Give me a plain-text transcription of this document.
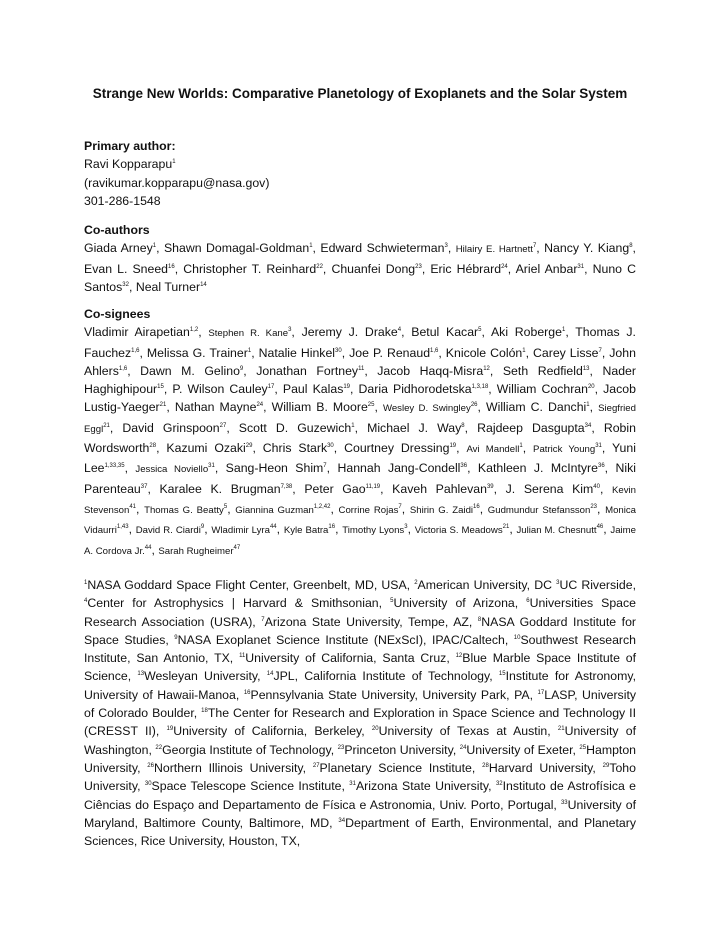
Strange New Worlds: Comparative Planetology of Exoplanets and the Solar System
Primary author:
Ravi Kopparapu$^1$
(ravikumar.kopparapu@nasa.gov)
301-286-1548
Co-authors
Giada Arney$^1$, Shawn Domagal-Goldman$^1$, Edward Schwieterman$^3$, Hilairy E. Hartnett$^7$, Nancy Y. Kiang$^8$, Evan L. Sneed$^{16}$, Christopher T. Reinhard$^{22}$, Chuanfei Dong$^{23}$, Eric Hébrard$^{24}$, Ariel Anbar$^{31}$, Nuno C Santos$^{32}$, Neal Turner$^{14}$
Co-signees
Vladimir Airapetian$^{1,2}$, Stephen R. Kane$^3$, Jeremy J. Drake$^4$, Betul Kacar$^5$, Aki Roberge$^1$, Thomas J. Fauchez$^{1,6}$, Melissa G. Trainer$^1$, Natalie Hinkel$^{30}$, Joe P. Renaud$^{1,6}$, Knicole Colón$^1$, Carey Lisse$^7$, John Ahlers$^{1,6}$, Dawn M. Gelino$^9$, Jonathan Fortney$^{11}$, Jacob Haqq-Misra$^{12}$, Seth Redfield$^{13}$, Nader Haghighipour$^{15}$, P. Wilson Cauley$^{17}$, Paul Kalas$^{19}$, Daria Pidhorodetska$^{1,3,18}$, William Cochran$^{20}$, Jacob Lustig-Yaeger$^{21}$, Nathan Mayne$^{24}$, William B. Moore$^{25}$, Wesley D. Swingley$^{26}$, William C. Danchi$^1$, Siegfried Eggl$^{21}$, David Grinspoon$^{27}$, Scott D. Guzewich$^1$, Michael J. Way$^8$, Rajdeep Dasgupta$^{34}$, Robin Wordsworth$^{28}$, Kazumi Ozaki$^{29}$, Chris Stark$^{30}$, Courtney Dressing$^{19}$, Avi Mandell$^1$, Patrick Young$^{31}$, Yuni Lee$^{1,33,35}$, Jessica Noviello$^{31}$, Sang-Heon Shim$^7$, Hannah Jang-Condell$^{36}$, Kathleen J. McIntyre$^{36}$, Niki Parenteau$^{37}$, Karalee K. Brugman$^{7,38}$, Peter Gao$^{11,19}$, Kaveh Pahlevan$^{39}$, J. Serena Kim$^{40}$, Kevin Stevenson$^{41}$, Thomas G. Beatty$^5$, Giannina Guzman$^{1,2,42}$, Corrine Rojas$^7$, Shirin G. Zaidi$^{16}$, Gudmundur Stefansson$^{23}$, Monica Vidaurri$^{1,43}$, David R. Ciardi$^9$, Wladimir Lyra$^{44}$, Kyle Batra$^{16}$, Timothy Lyons$^3$, Victoria S. Meadows$^{21}$, Julian M. Chesnutt$^{46}$, Jaime A. Cordova Jr.$^{44}$, Sarah Rugheimer$^{47}$
$^1$NASA Goddard Space Flight Center, Greenbelt, MD, USA, $^2$American University, DC $^3$UC Riverside, $^4$Center for Astrophysics | Harvard & Smithsonian, $^5$University of Arizona, $^6$Universities Space Research Association (USRA), $^7$Arizona State University, Tempe, AZ, $^8$NASA Goddard Institute for Space Studies, $^9$NASA Exoplanet Science Institute (NExScI), IPAC/Caltech, $^{10}$Southwest Research Institute, San Antonio, TX, $^{11}$University of California, Santa Cruz, $^{12}$Blue Marble Space Institute of Science, $^{13}$Wesleyan University, $^{14}$JPL, California Institute of Technology, $^{15}$Institute for Astronomy, University of Hawaii-Manoa, $^{16}$Pennsylvania State University, University Park, PA, $^{17}$LASP, University of Colorado Boulder, $^{18}$The Center for Research and Exploration in Space Science and Technology II (CRESST II), $^{19}$University of California, Berkeley, $^{20}$University of Texas at Austin, $^{21}$University of Washington, $^{22}$Georgia Institute of Technology, $^{23}$Princeton University, $^{24}$University of Exeter, $^{25}$Hampton University, $^{26}$Northern Illinois University, $^{27}$Planetary Science Institute, $^{28}$Harvard University, $^{29}$Toho University, $^{30}$Space Telescope Science Institute, $^{31}$Arizona State University, $^{32}$Instituto de Astrofísica e Ciências do Espaço and Departamento de Física e Astronomia, Univ. Porto, Portugal, $^{33}$University of Maryland, Baltimore County, Baltimore, MD, $^{34}$Department of Earth, Environmental, and Planetary Sciences, Rice University, Houston, TX,
